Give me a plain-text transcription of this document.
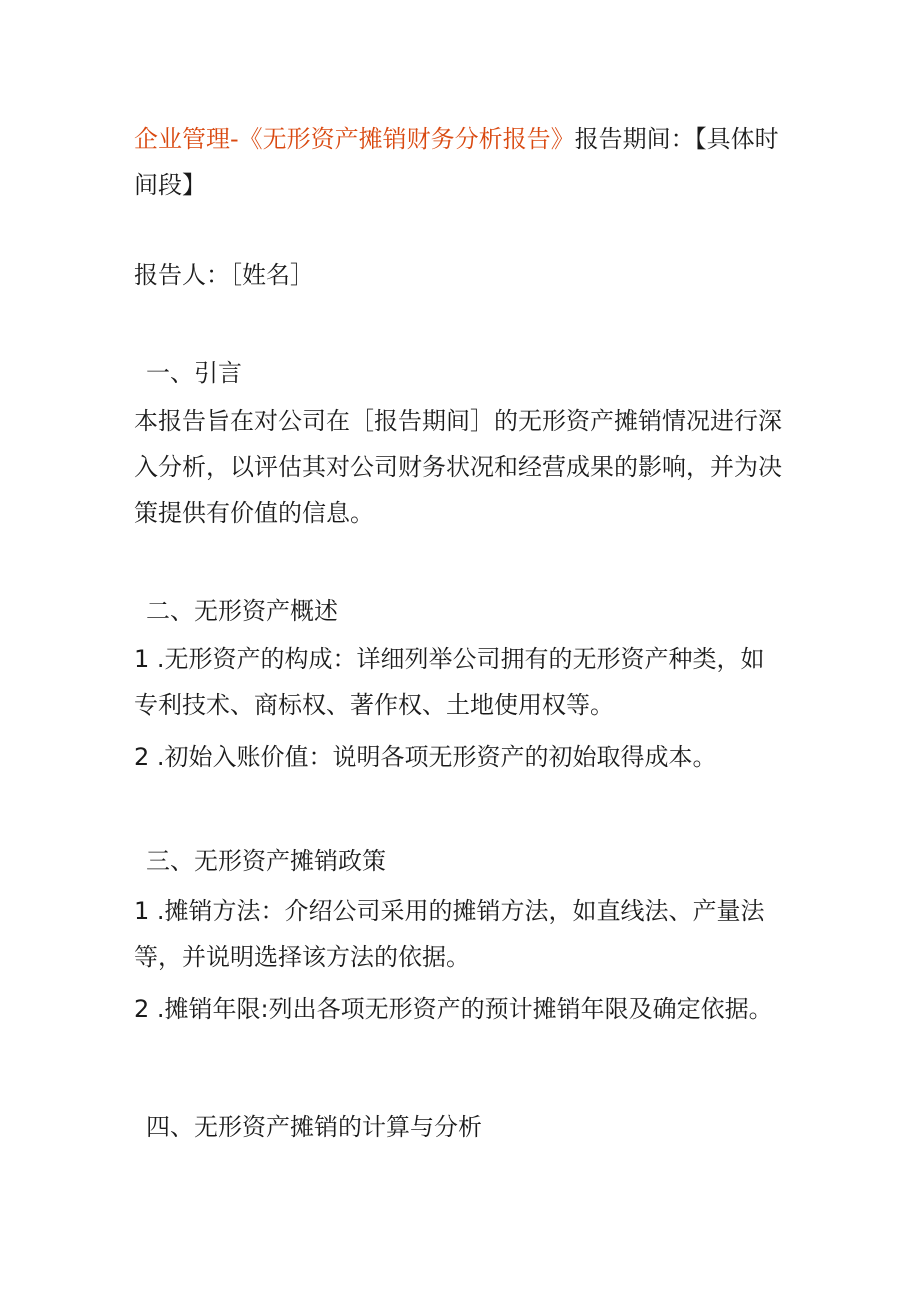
企业管理-《无形资产摊销财务分析报告》报告期间：【具体时间段】

报告人：［姓名］

一、引言

本报告旨在对公司在［报告期间］的无形资产摊销情况进行深入分析，以评估其对公司财务状况和经营成果的影响，并为决策提供有价值的信息。

二、无形资产概述

1 .无形资产的构成：详细列举公司拥有的无形资产种类，如专利技术、商标权、著作权、土地使用权等。

2 .初始入账价值：说明各项无形资产的初始取得成本。

三、无形资产摊销政策

1 .摊销方法：介绍公司采用的摊销方法，如直线法、产量法等，并说明选择该方法的依据。

2 .摊销年限:列出各项无形资产的预计摊销年限及确定依据。

四、无形资产摊销的计算与分析
